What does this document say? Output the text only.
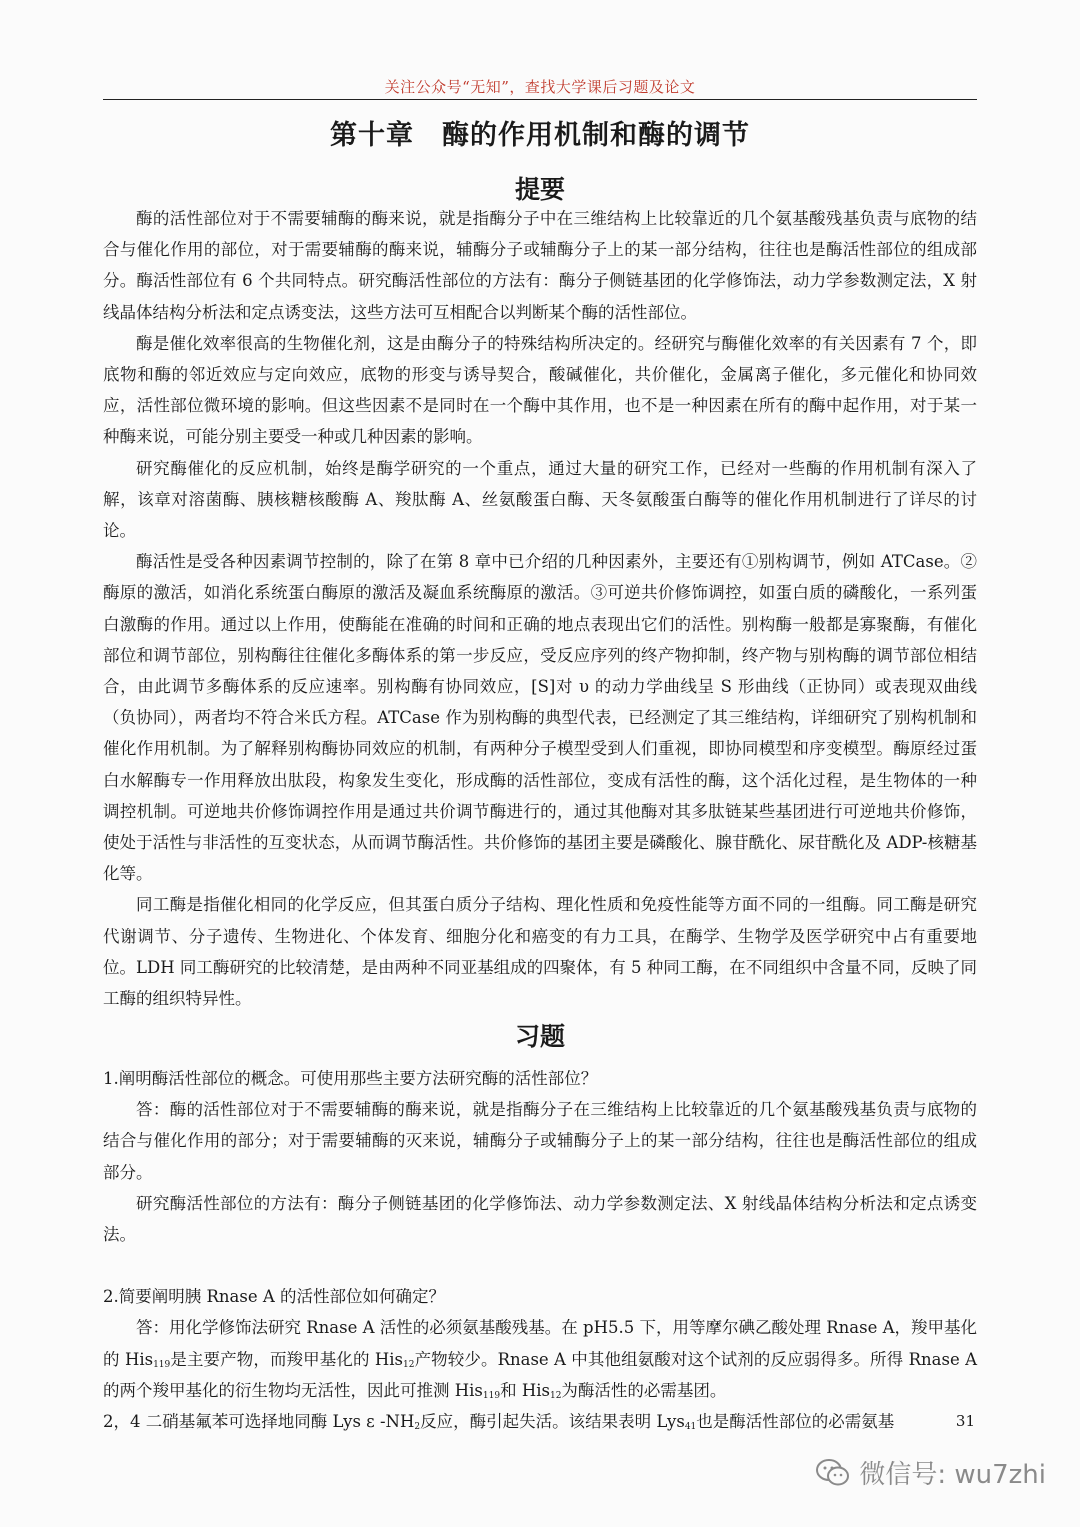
关注公众号“无知”，查找大学课后习题及论文
第十章　酶的作用机制和酶的调节
提要

酶的活性部位对于不需要辅酶的酶来说，就是指酶分子中在三维结构上比较靠近的几个氨基酸残基负责与底物的结合与催化作用的部位，对于需要辅酶的酶来说，辅酶分子或辅酶分子上的某一部分结构，往往也是酶活性部位的组成部分。酶活性部位有 6 个共同特点。研究酶活性部位的方法有：酶分子侧链基团的化学修饰法，动力学参数测定法，X 射线晶体结构分析法和定点诱变法，这些方法可互相配合以判断某个酶的活性部位。

酶是催化效率很高的生物催化剂，这是由酶分子的特殊结构所决定的。经研究与酶催化效率的有关因素有 7 个，即底物和酶的邻近效应与定向效应，底物的形变与诱导契合，酸碱催化，共价催化，金属离子催化，多元催化和协同效应，活性部位微环境的影响。但这些因素不是同时在一个酶中其作用，也不是一种因素在所有的酶中起作用，对于某一种酶来说，可能分别主要受一种或几种因素的影响。

研究酶催化的反应机制，始终是酶学研究的一个重点，通过大量的研究工作，已经对一些酶的作用机制有深入了解，该章对溶菌酶、胰核糖核酸酶 A、羧肽酶 A、丝氨酸蛋白酶、天冬氨酸蛋白酶等的催化作用机制进行了详尽的讨论。

酶活性是受各种因素调节控制的，除了在第 8 章中已介绍的几种因素外，主要还有①别构调节，例如 ATCase。②酶原的激活，如消化系统蛋白酶原的激活及凝血系统酶原的激活。③可逆共价修饰调控，如蛋白质的磷酸化，一系列蛋白激酶的作用。通过以上作用，使酶能在准确的时间和正确的地点表现出它们的活性。别构酶一般都是寡聚酶，有催化部位和调节部位，别构酶往往催化多酶体系的第一步反应，受反应序列的终产物抑制，终产物与别构酶的调节部位相结合，由此调节多酶体系的反应速率。别构酶有协同效应，[S]对 υ 的动力学曲线呈 S 形曲线（正协同）或表现双曲线（负协同），两者均不符合米氏方程。ATCase 作为别构酶的典型代表，已经测定了其三维结构，详细研究了别构机制和催化作用机制。为了解释别构酶协同效应的机制，有两种分子模型受到人们重视，即协同模型和序变模型。酶原经过蛋白水解酶专一作用释放出肽段，构象发生变化，形成酶的活性部位，变成有活性的酶，这个活化过程，是生物体的一种调控机制。可逆地共价修饰调控作用是通过共价调节酶进行的，通过其他酶对其多肽链某些基团进行可逆地共价修饰，使处于活性与非活性的互变状态，从而调节酶活性。共价修饰的基团主要是磷酸化、腺苷酰化、尿苷酰化及 ADP-核糖基化等。

同工酶是指催化相同的化学反应，但其蛋白质分子结构、理化性质和免疫性能等方面不同的一组酶。同工酶是研究代谢调节、分子遗传、生物进化、个体发育、细胞分化和癌变的有力工具，在酶学、生物学及医学研究中占有重要地位。LDH 同工酶研究的比较清楚，是由两种不同亚基组成的四聚体，有 5 种同工酶，在不同组织中含量不同，反映了同工酶的组织特异性。

习题

1.阐明酶活性部位的概念。可使用那些主要方法研究酶的活性部位？

答：酶的活性部位对于不需要辅酶的酶来说，就是指酶分子在三维结构上比较靠近的几个氨基酸残基负责与底物的结合与催化作用的部分；对于需要辅酶的灭来说，辅酶分子或辅酶分子上的某一部分结构，往往也是酶活性部位的组成部分。

研究酶活性部位的方法有：酶分子侧链基团的化学修饰法、动力学参数测定法、X 射线晶体结构分析法和定点诱变法。

2.简要阐明胰 Rnase A 的活性部位如何确定？

答：用化学修饰法研究 Rnase A 活性的必须氨基酸残基。在 pH5.5 下，用等摩尔碘乙酸处理 Rnase A，羧甲基化的 His$_{119}$是主要产物，而羧甲基化的 His$_{12}$产物较少。Rnase A 中其他组氨酸对这个试剂的反应弱得多。所得 Rnase A 的两个羧甲基化的衍生物均无活性，因此可推测 His$_{119}$和 His$_{12}$为酶活性的必需基团。

2，4 二硝基氟苯可选择地同酶 Lys ε $-NH_2$反应，酶引起失活。该结果表明 Lys$_{41}$也是酶活性部位的必需氨基	31
微信号: wu7zhi
